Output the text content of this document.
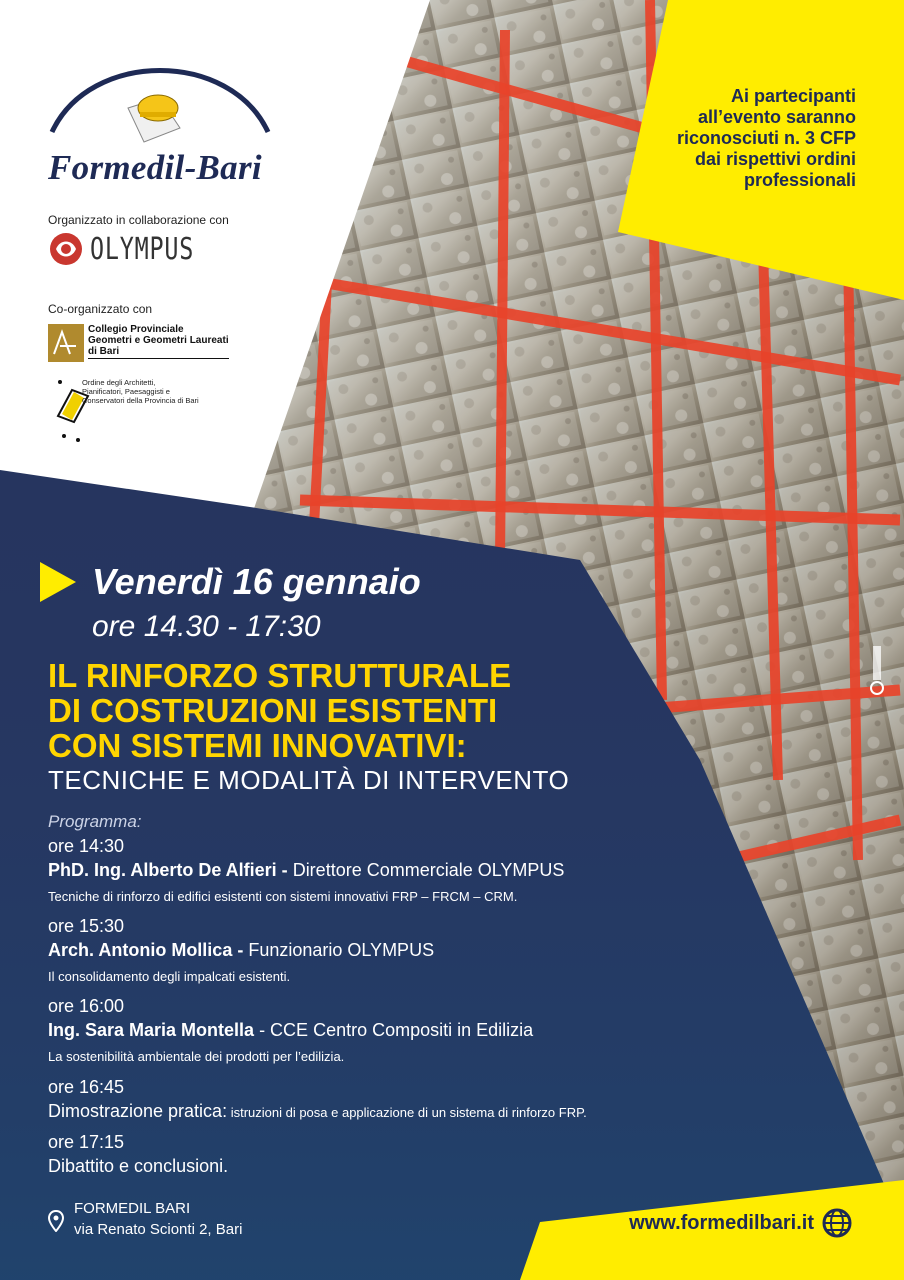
Formedil-Bari
Organizzato in collaborazione con
OLYMPUS
Co-organizzato con
Collegio Provinciale
Geometri e Geometri Laureati
di Bari
Ordine degli Architetti,
Pianificatori, Paesaggisti e
Conservatori della Provincia di Bari
Ai partecipanti all’evento saranno riconosciuti n. 3 CFP dai rispettivi ordini professionali
Venerdì 16 gennaio
ore 14.30 - 17:30
IL RINFORZO STRUTTURALE
DI COSTRUZIONI ESISTENTI
CON SISTEMI INNOVATIVI:
TECNICHE E MODALITÀ DI INTERVENTO
Programma:
ore 14:30
PhD. Ing. Alberto De Alfieri - Direttore Commerciale OLYMPUS
Tecniche di rinforzo di edifici esistenti con sistemi innovativi FRP – FRCM – CRM.
ore 15:30
Arch. Antonio Mollica - Funzionario OLYMPUS
Il consolidamento degli impalcati esistenti.
ore 16:00
Ing. Sara Maria Montella - CCE Centro Compositi in Edilizia
La sostenibilità ambientale dei prodotti per l’edilizia.
ore 16:45
Dimostrazione pratica: istruzioni di posa e applicazione di un sistema di rinforzo FRP.
ore 17:15
Dibattito e conclusioni.
FORMEDIL BARI
via Renato Scionti 2, Bari	www.formedilbari.it
